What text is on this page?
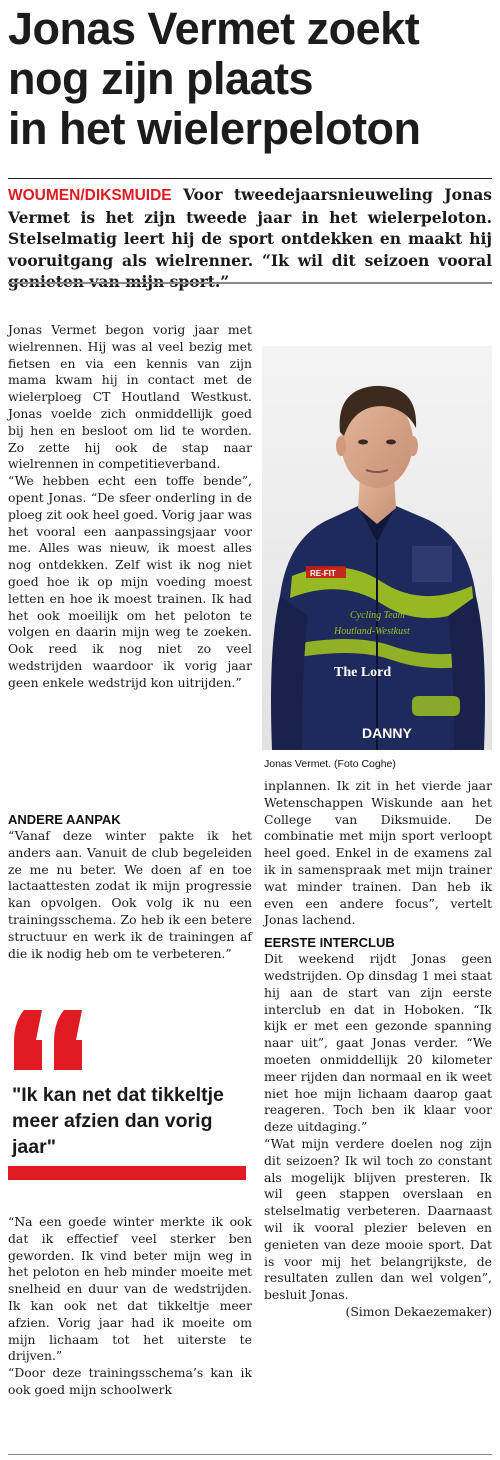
Jonas Vermet zoekt
nog zijn plaats
in het wielerpeloton
WOUMEN/DIKSMUIDE Voor tweedejaarsnieuweling Jonas Vermet is het zijn tweede jaar in het wielerpeloton. Stelselmatig leert hij de sport ontdekken en maakt hij vooruitgang als wielrenner. “Ik wil dit seizoen vooral

Jonas Vermet begon vorig jaar met wielrennen. Hij was al veel bezig met fietsen en via een kennis van zijn mama kwam hij in contact met de wielerploeg CT Houtland Westkust. Jonas voelde zich onmiddellijk goed bij hen en besloot om lid te worden. Zo zette hij ook de stap naar wielrennen in competitieverband.

“We hebben echt een toffe bende”, opent Jonas. “De sfeer onderling in de ploeg zit ook heel goed. Vorig jaar was het vooral een aanpassingsjaar voor me. Alles was nieuw, ik moest alles nog ontdekken. Zelf wist ik nog niet goed hoe ik op mijn voeding moest letten en hoe ik moest trainen. Ik had het ook moeilijk om het peloton te volgen en daarin mijn weg te zoeken. Ook reed ik nog niet zo veel wedstrijden waardoor ik vorig jaar geen enkele wedstrijd kon uitrijden.”

RE-FIT
Cycling Team
Houtland-Westkust
The Lord
DANNY
Jonas Vermet. (Foto Coghe)
ANDERE AANPAK

“Vanaf deze winter pakte ik het anders aan. Vanuit de club begeleiden ze me nu beter. We doen af en toe lactaattesten zodat ik mijn progressie kan opvolgen. Ook volg ik nu een trainingsschema. Zo heb ik een betere structuur en werk ik de trainingen af die ik nodig heb om te verbeteren.”

"Ik kan net dat tikkeltje meer afzien dan vorig jaar"

“Na een goede winter merkte ik ook dat ik effectief veel sterker ben geworden. Ik vind beter mijn weg in het peloton en heb minder moeite met snelheid en duur van de wedstrijden. Ik kan ook net dat tikkeltje meer afzien. Vorig jaar had ik moeite om mijn lichaam tot het uiterste te drijven.”

“Door deze trainingsschema’s kan ik ook goed mijn schoolwerk

inplannen. Ik zit in het vierde jaar Wetenschappen Wiskunde aan het College van Diksmuide. De combinatie met mijn sport verloopt heel goed. Enkel in de examens zal ik in samenspraak met mijn trainer wat minder trainen. Dan heb ik even een andere focus”, vertelt Jonas lachend.

EERSTE INTERCLUB

Dit weekend rijdt Jonas geen wedstrijden. Op dinsdag 1 mei staat hij aan de start van zijn eerste interclub en dat in Hoboken. “Ik kijk er met een gezonde spanning naar uit”, gaat Jonas verder. “We moeten onmiddellijk 20 kilometer meer rijden dan normaal en ik weet niet hoe mijn lichaam daarop gaat reageren. Toch ben ik klaar voor deze uitdaging.”

“Wat mijn verdere doelen nog zijn dit seizoen? Ik wil toch zo constant als mogelijk blijven presteren. Ik wil geen stappen overslaan en stelselmatig verbeteren. Daarnaast wil ik vooral plezier beleven en genieten van deze mooie sport. Dat is voor mij het belangrijkste, de resultaten zullen dan wel volgen”, besluit Jonas.

(Simon Dekaezemaker)
